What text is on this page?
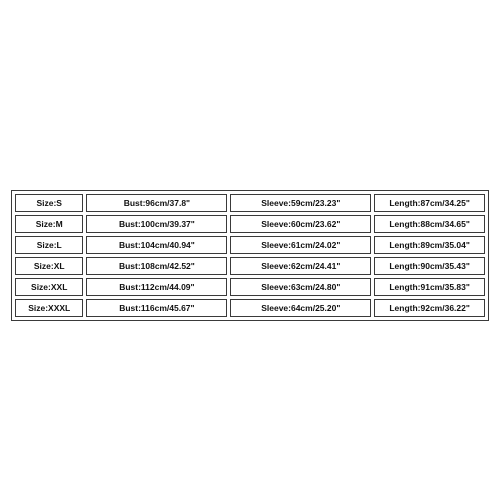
Size:S	Bust:96cm/37.8"	Sleeve:59cm/23.23"	Length:87cm/34.25"
Size:M	Bust:100cm/39.37"	Sleeve:60cm/23.62"	Length:88cm/34.65"
Size:L	Bust:104cm/40.94"	Sleeve:61cm/24.02"	Length:89cm/35.04"
Size:XL	Bust:108cm/42.52"	Sleeve:62cm/24.41"	Length:90cm/35.43"
Size:XXL	Bust:112cm/44.09"	Sleeve:63cm/24.80"	Length:91cm/35.83"
Size:XXXL	Bust:116cm/45.67"	Sleeve:64cm/25.20"	Length:92cm/36.22"
